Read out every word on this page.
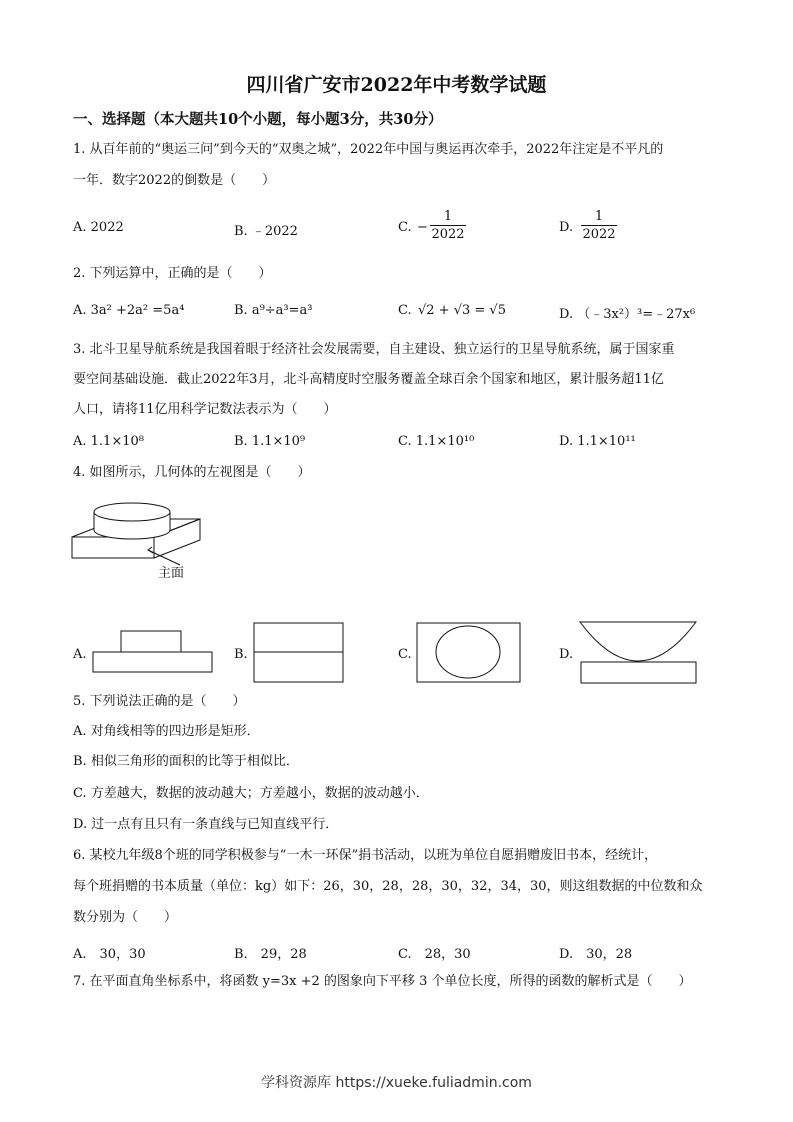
四川省广安市2022年中考数学试题
一、选择题（本大题共10个小题，每小题3分，共30分）
1. 从百年前的“奥运三问”到今天的“双奥之城”，2022年中国与奥运再次牵手，2022年注定是不平凡的
一年．数字2022的倒数是（　　）
A. 2022	B. ﹣2022	C. −
1
2022	D.
1
2022
2. 下列运算中，正确的是（　　）
A. 3a² +2a² =5a⁴	B. a⁹÷a³=a³	C. √2 + √3 = √5	D. （﹣3x²）³=﹣27x⁶
3. 北斗卫星导航系统是我国着眼于经济社会发展需要，自主建设、独立运行的卫星导航系统，属于国家重
要空间基础设施．截止2022年3月，北斗高精度时空服务覆盖全球百余个国家和地区，累计服务超11亿
人口，请将11亿用科学记数法表示为（　　）
A. 1.1×10⁸	B. 1.1×10⁹	C. 1.1×10¹⁰	D. 1.1×10¹¹
4. 如图所示，几何体的左视图是（　　）
主面
A.	B.	C.	D.
5. 下列说法正确的是（　　）
A. 对角线相等的四边形是矩形．
B. 相似三角形的面积的比等于相似比．
C. 方差越大，数据的波动越大；方差越小，数据的波动越小．
D. 过一点有且只有一条直线与已知直线平行．
6. 某校九年级8个班的同学积极参与“一木一环保”捐书活动，以班为单位自愿捐赠废旧书本，经统计，
每个班捐赠的书本质量（单位：kg）如下：26，30，28，28，30，32，34，30，则这组数据的中位数和众
数分别为（　　）
A.　30，30	B.　29，28	C.　28，30	D.　30，28
7. 在平面直角坐标系中，将函数 y=3x +2 的图象向下平移 3 个单位长度，所得的函数的解析式是（　　）
学科资源库 https://xueke.fuliadmin.com
